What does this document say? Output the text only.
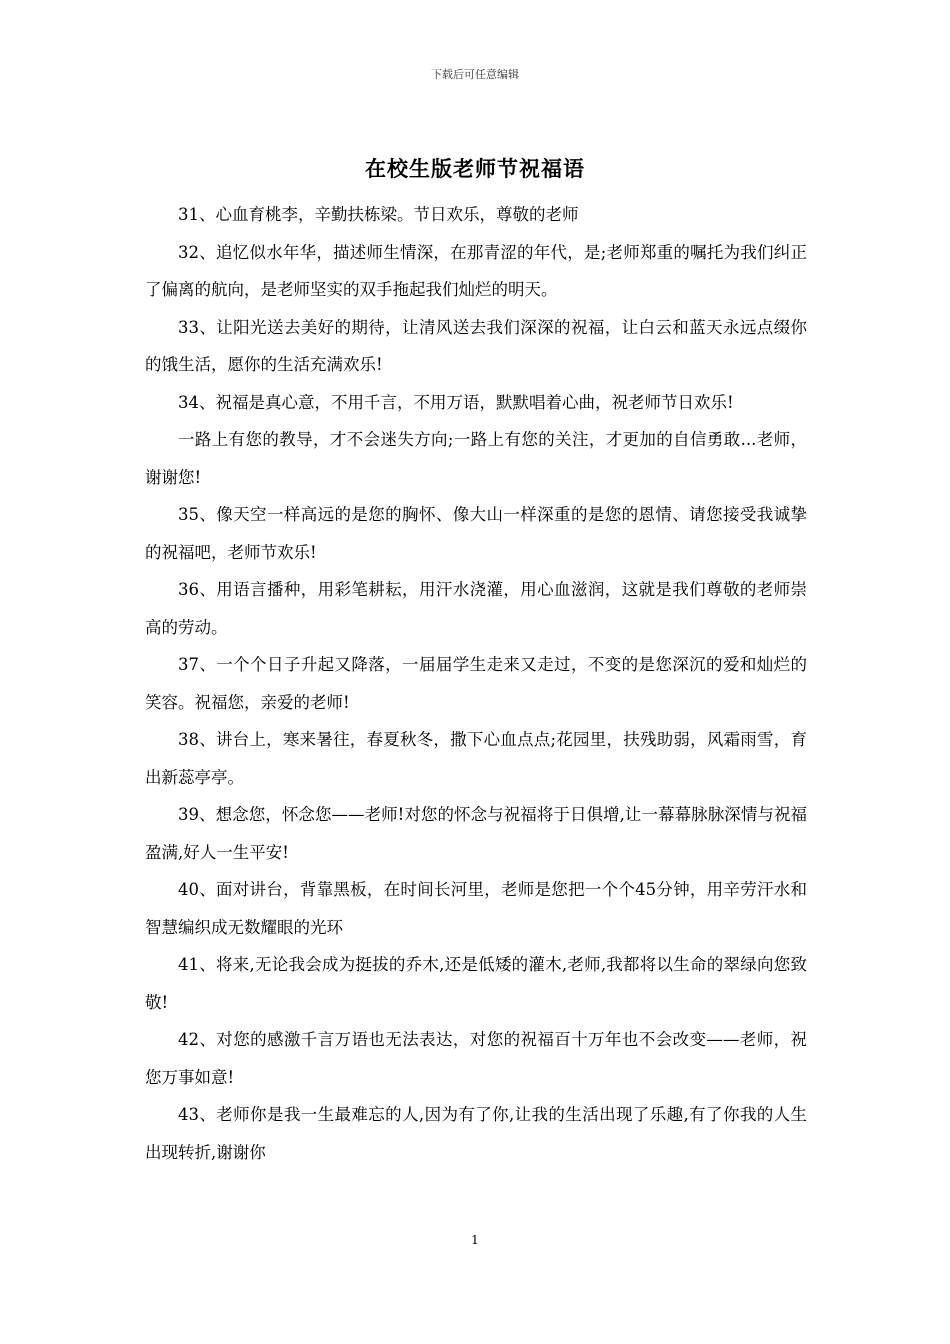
下载后可任意编辑
在校生版老师节祝福语

31、心血育桃李，辛勤扶栋梁。节日欢乐，尊敬的老师

32、追忆似水年华，描述师生情深，在那青涩的年代，是;老师郑重的嘱托为我们纠正了偏离的航向，是老师坚实的双手拖起我们灿烂的明天。

33、让阳光送去美好的期待，让清风送去我们深深的祝福，让白云和蓝天永远点缀你的饿生活，愿你的生活充满欢乐!

34、祝福是真心意，不用千言，不用万语，默默唱着心曲，祝老师节日欢乐!

一路上有您的教导，才不会迷失方向;一路上有您的关注，才更加的自信勇敢...老师，谢谢您!

35、像天空一样高远的是您的胸怀、像大山一样深重的是您的恩情、请您接受我诚挚的祝福吧，老师节欢乐!

36、用语言播种，用彩笔耕耘，用汗水浇灌，用心血滋润，这就是我们尊敬的老师崇高的劳动。

37、一个个日子升起又降落，一届届学生走来又走过，不变的是您深沉的爱和灿烂的笑容。祝福您，亲爱的老师!

38、讲台上，寒来暑往，春夏秋冬，撒下心血点点;花园里，扶残助弱，风霜雨雪，育出新蕊亭亭。

39、想念您，怀念您——老师!对您的怀念与祝福将于日俱增,让一幕幕脉脉深情与祝福盈满,好人一生平安!

40、面对讲台，背靠黑板，在时间长河里，老师是您把一个个45分钟，用辛劳汗水和智慧编织成无数耀眼的光环

41、将来,无论我会成为挺拔的乔木,还是低矮的灌木,老师,我都将以生命的翠绿向您致敬!

42、对您的感激千言万语也无法表达，对您的祝福百十万年也不会改变——老师，祝您万事如意!

43、老师你是我一生最难忘的人,因为有了你,让我的生活出现了乐趣,有了你我的人生出现转折,谢谢你

1
